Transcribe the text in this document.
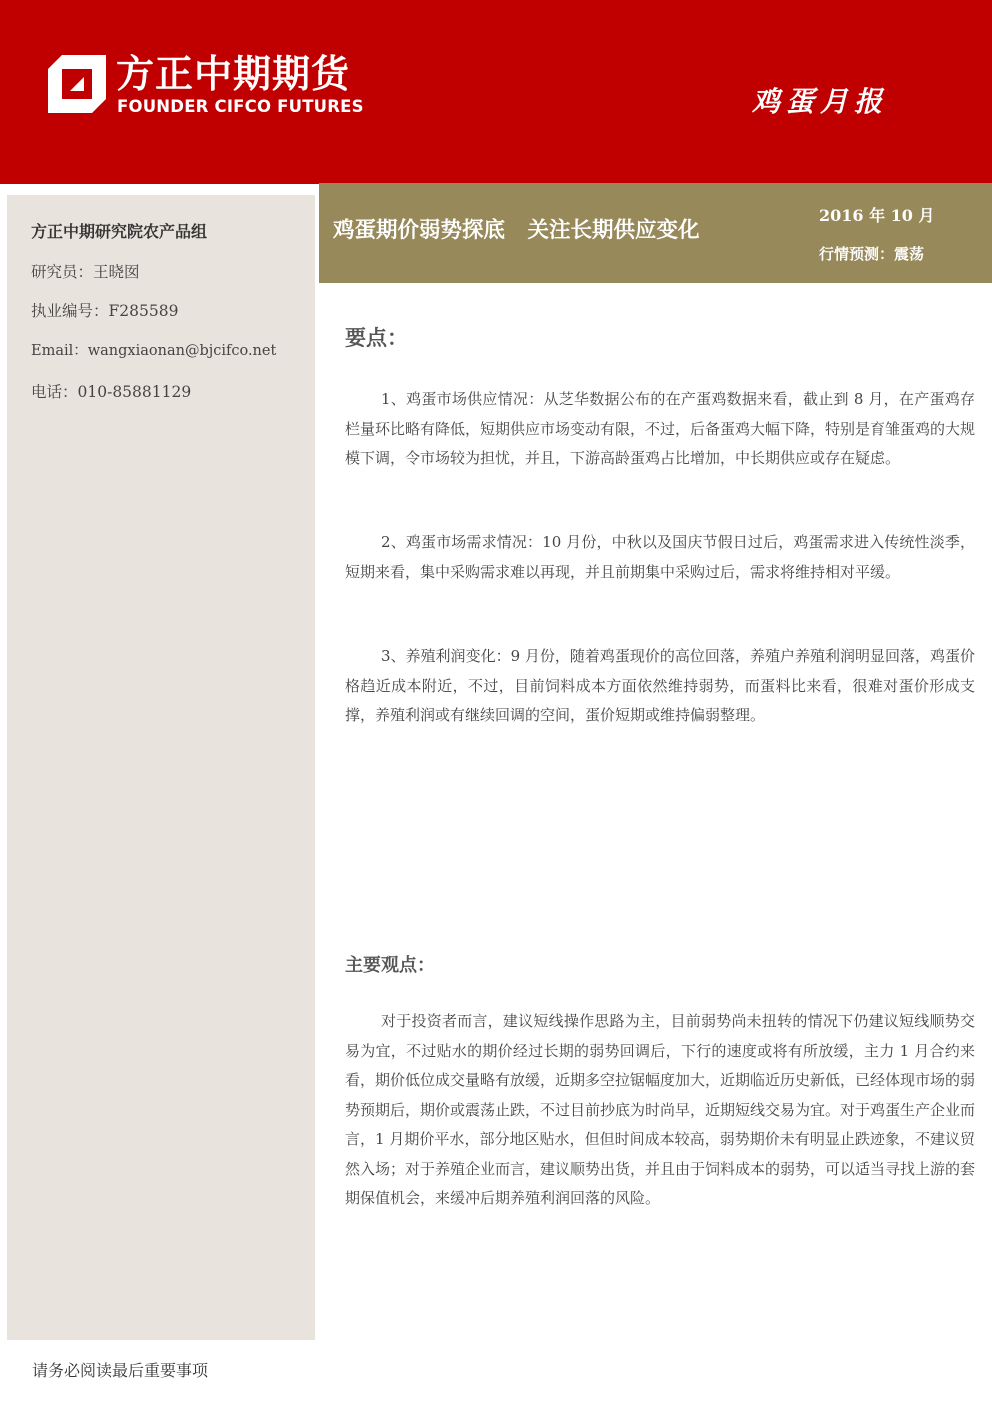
方正中期期货
FOUNDER CIFCO FUTURES	鸡蛋月报
方正中期研究院农产品组
研究员：王晓囡
执业编号：F285589
Email：wangxiaonan@bjcifco.net
电话：010-85881129
鸡蛋期价弱势探底   关注长期供应变化
2016 年 10 月
行情预测：震荡
要点：

1、鸡蛋市场供应情况：从芝华数据公布的在产蛋鸡数据来看，截止到 8 月，在产蛋鸡存栏量环比略有降低，短期供应市场变动有限，不过，后备蛋鸡大幅下降，特别是育雏蛋鸡的大规模下调，令市场较为担忧，并且，下游高龄蛋鸡占比增加，中长期供应或存在疑虑。

2、鸡蛋市场需求情况：10 月份，中秋以及国庆节假日过后，鸡蛋需求进入传统性淡季，短期来看，集中采购需求难以再现，并且前期集中采购过后，需求将维持相对平缓。

3、养殖利润变化：9 月份，随着鸡蛋现价的高位回落，养殖户养殖利润明显回落，鸡蛋价格趋近成本附近，不过，目前饲料成本方面依然维持弱势，而蛋料比来看，很难对蛋价形成支撑，养殖利润或有继续回调的空间，蛋价短期或维持偏弱整理。

主要观点：

对于投资者而言，建议短线操作思路为主，目前弱势尚未扭转的情况下仍建议短线顺势交易为宜，不过贴水的期价经过长期的弱势回调后，下行的速度或将有所放缓，主力 1 月合约来看，期价低位成交量略有放缓，近期多空拉锯幅度加大，近期临近历史新低，已经体现市场的弱势预期后，期价或震荡止跌，不过目前抄底为时尚早，近期短线交易为宜。对于鸡蛋生产企业而言，1 月期价平水，部分地区贴水，但但时间成本较高，弱势期价未有明显止跌迹象，不建议贸然入场；对于养殖企业而言，建议顺势出货，并且由于饲料成本的弱势，可以适当寻找上游的套期保值机会，来缓冲后期养殖利润回落的风险。

请务必阅读最后重要事项
